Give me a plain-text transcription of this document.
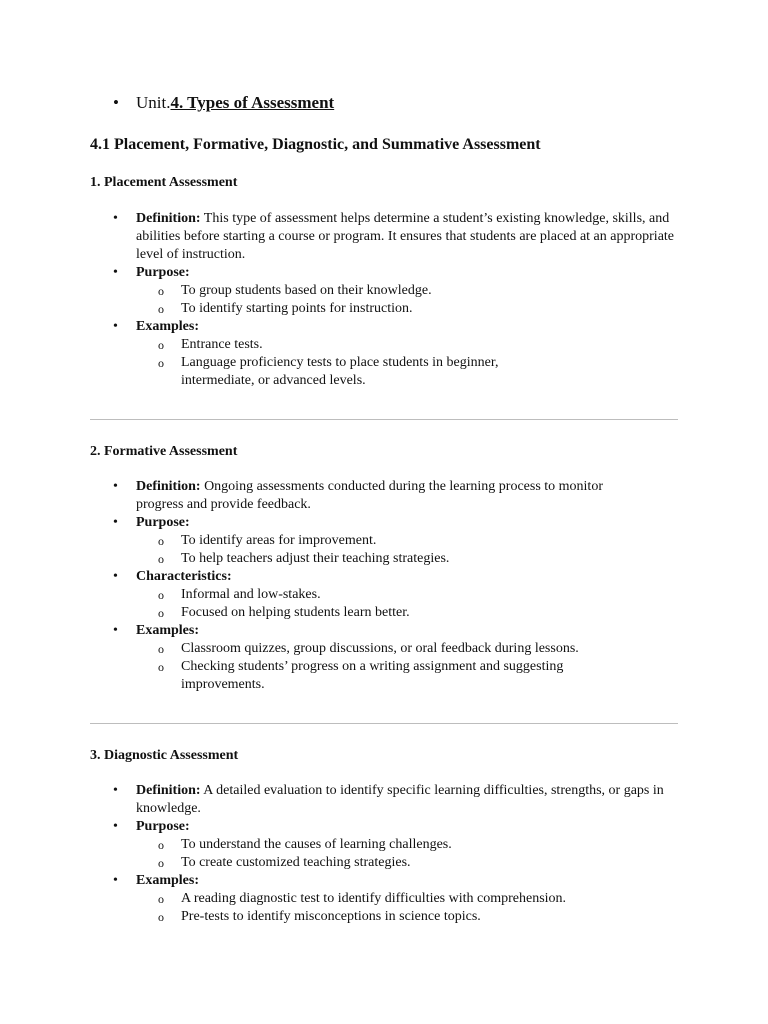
• Unit.4. Types of Assessment
4.1 Placement, Formative, Diagnostic, and Summative Assessment
1. Placement Assessment
• Definition: This type of assessment helps determine a student’s existing knowledge, skills, and abilities before starting a course or program. It ensures that students are placed at an appropriate level of instruction.
• Purpose:
o To group students based on their knowledge.
o To identify starting points for instruction.
• Examples:
o Entrance tests.
o Language proficiency tests to place students in beginner, intermediate, or advanced levels.
2. Formative Assessment
• Definition: Ongoing assessments conducted during the learning process to monitor progress and provide feedback.
• Purpose:
o To identify areas for improvement.
o To help teachers adjust their teaching strategies.
• Characteristics:
o Informal and low-stakes.
o Focused on helping students learn better.
• Examples:
o Classroom quizzes, group discussions, or oral feedback during lessons.
o Checking students’ progress on a writing assignment and suggesting improvements.
3. Diagnostic Assessment
• Definition: A detailed evaluation to identify specific learning difficulties, strengths, or gaps in knowledge.
• Purpose:
o To understand the causes of learning challenges.
o To create customized teaching strategies.
• Examples:
o A reading diagnostic test to identify difficulties with comprehension.
o Pre-tests to identify misconceptions in science topics.
